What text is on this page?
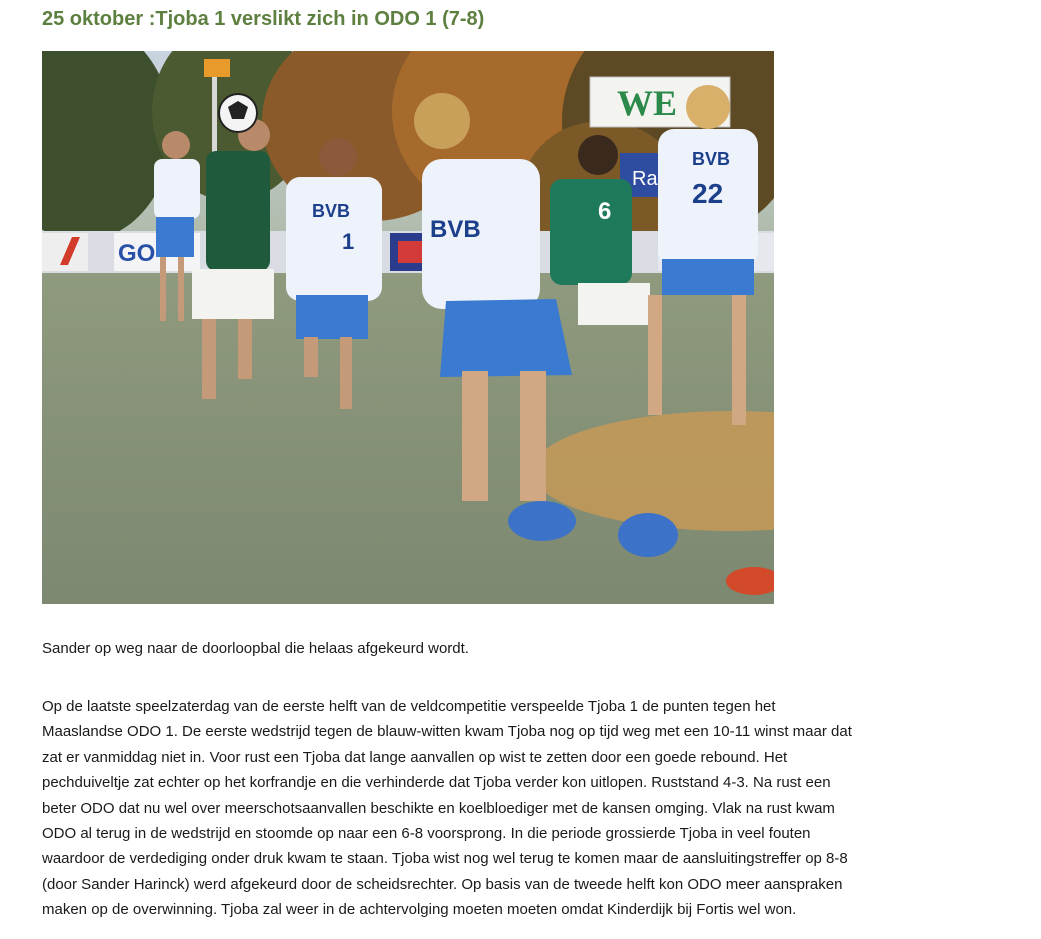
25 oktober :Tjoba 1 verslikt zich in ODO 1 (7-8)
WE
Ra
GO
BVB
1	BVB
6
BVB
22

Sander op weg naar de doorloopbal die helaas afgekeurd wordt.

Op de laatste speelzaterdag van de eerste helft van de veldcompetitie verspeelde Tjoba 1 de punten tegen het
Maaslandse ODO 1. De eerste wedstrijd tegen de blauw-witten kwam Tjoba nog op tijd weg met een 10-11 winst maar dat
zat er vanmiddag niet in. Voor rust een Tjoba dat lange aanvallen op wist te zetten door een goede rebound. Het
pechduiveltje zat echter op het korfrandje en die verhinderde dat Tjoba verder kon uitlopen. Ruststand 4-3. Na rust een
beter ODO dat nu wel over meerschotsaanvallen beschikte en koelbloediger met de kansen omging. Vlak na rust kwam
ODO al terug in de wedstrijd en stoomde op naar een 6-8 voorsprong. In die periode grossierde Tjoba in veel fouten
waardoor de verdediging onder druk kwam te staan. Tjoba wist nog wel terug te komen maar de aansluitingstreffer op 8-8
(door Sander Harinck) werd afgekeurd door de scheidsrechter. Op basis van de tweede helft kon ODO meer aanspraken
maken op de overwinning. Tjoba zal weer in de achtervolging moeten moeten omdat Kinderdijk bij Fortis wel won.
